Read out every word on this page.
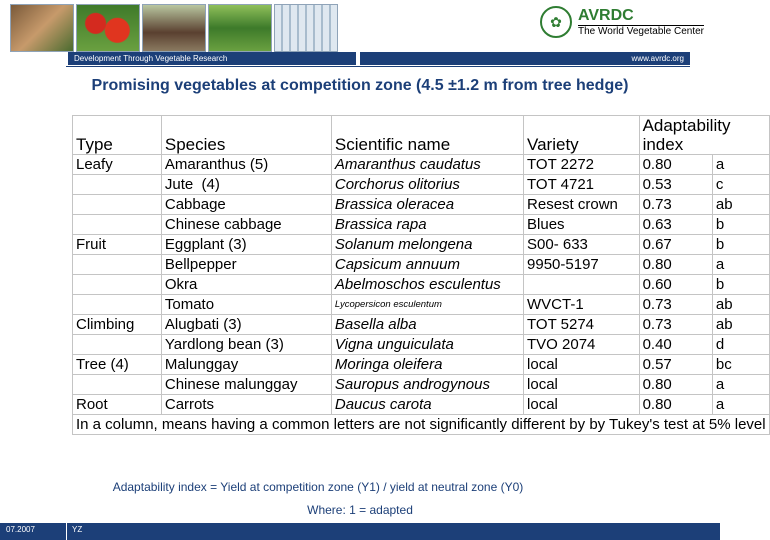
✿	AVRDC
The World Vegetable Center
Development Through Vegetable Research	www.avrdc.org
Promising vegetables at competition zone (4.5 ±1.2 m from tree hedge)
Type	Species	Scientific name	Variety	Adaptability index	
Leafy	Amaranthus (5)	Amaranthus caudatus	TOT 2272	0.80	a
	Jute  (4)	Corchorus olitorius	TOT 4721	0.53	c
	Cabbage	Brassica oleracea	Resest crown	0.73	ab
	Chinese cabbage	Brassica rapa	Blues	0.63	b
Fruit	Eggplant (3)	Solanum melongena	S00- 633	0.67	b
	Bellpepper	Capsicum annuum	9950-5197	0.80	a
	Okra	Abelmoschos esculentus		0.60	b
	Tomato	Lycopersicon esculentum	WVCT-1	0.73	ab
Climbing	Alugbati (3)	Basella alba	TOT 5274	0.73	ab
	Yardlong bean (3)	Vigna unguiculata	TVO 2074	0.40	d
Tree (4)	Malunggay	Moringa oleifera	local	0.57	bc
	Chinese malunggay	Sauropus androgynous	local	0.80	a
Root	Carrots	Daucus carota	local	0.80	a
In a column, means having a common letters are not significantly different by by Tukey's test at 5% level					
Adaptability index = Yield at competition zone (Y1) / yield at neutral zone (Y0)
Where: 1 = adapted
07.2007	YZ
